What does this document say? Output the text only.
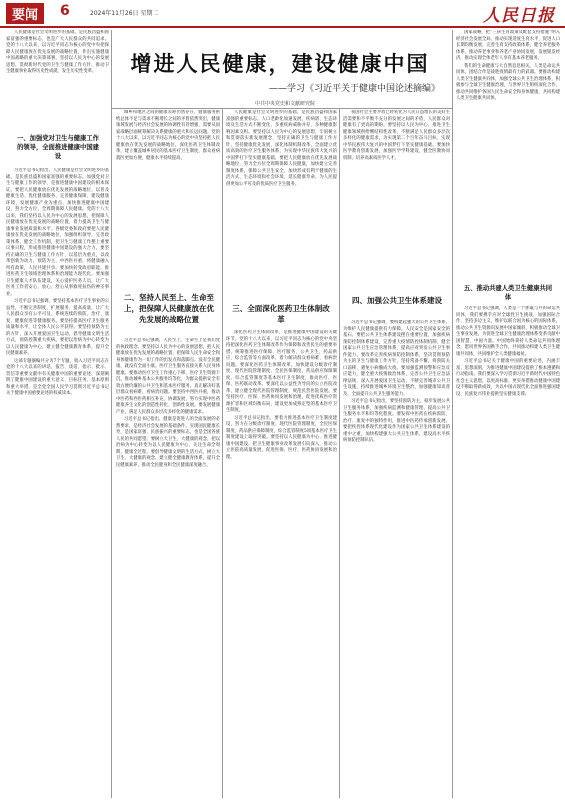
要闻	6	2024年11月26日 星期二	人民日报
增进人民健康，建设健康中国
——学习《习近平关于健康中国论述摘编》
中共中央党史和文献研究院

人民健康是社会文明进步的基础，是民族昌盛和国家富强的重要标志，也是广大人民群众的共同追求。党的十八大以来，以习近平同志为核心的党中央把保障人民健康放在优先发展的战略位置，作出实施健康中国战略的重大决策部署，坚持以人民为中心的发展思想，贯彻新时代党的卫生与健康工作方针，推动卫生健康事业取得历史性成就、发生历史性变革。

一、加强党对卫生与健康工作的领导，全面推进健康中国建设

习近平总书记指出，人民健康是社会文明进步的基础，是民族昌盛和国家富强的重要标志。加强党对卫生与健康工作的领导，是推进健康中国建设的根本保证。要把人民健康放在优先发展的战略地位，以普及健康生活、优化健康服务、完善健康保障、建设健康环境、发展健康产业为重点，加快推进健康中国建设，努力全方位、全周期保障人民健康。党的十八大以来，我们坚持以人民为中心的发展思想，把保障人民健康放在优先发展的战略位置，着力提高卫生与健康事业发展质量和水平。各级党委和政府要把人民健康放在优先发展的战略地位，加强组织领导，完善政策体系，健全工作机制，把卫生与健康工作摆上重要议事日程，形成推进健康中国建设的强大合力。要坚持正确的卫生与健康工作方针，以基层为重点，以改革创新为动力，预防为主，中西医并重，将健康融入所有政策，人民共建共享。要加快转变政府职能，推进医药卫生领域治理体系和治理能力现代化。要加强卫生健康人才队伍建设，关心爱护医务人员，让广大医务工作者安心、放心、舒心从事救死扶伤的神圣事业。

习近平总书记强调，要坚持基本医疗卫生事业的公益性，不断完善制度、扩展服务、提高质量，让广大人民群众享有公平可及、系统连续的预防、治疗、康复、健康促进等健康服务。要坚持提高医疗卫生服务质量和水平，让全体人民公平获得。要坚持预防为主的方针，深入开展爱国卫生运动，倡导健康文明生活方式，预防控制重大疾病。要把以治病为中心转变为以人民健康为中心，建立健全健康教育体系，提升全民健康素养。

这部专题摘编共分为7个专题，收入习近平同志在党的十八大以来的讲话、报告、谈话、指示、批示、贺信等重要文献中有关健康中国的重要论述，深刻阐明了健康中国建设的重大意义、目标任务、基本原则和重大举措，是全党全国人民学习贯彻习近平总书记关于健康中国重要论述的权威读本。

城乡和地区之间的健康差距仍然存在，健康服务供给总体不足与需求不断增长之间的矛盾依然突出，健康领域发展与经济社会发展的协调性有待增强，需要从国家战略层面统筹解决关系健康的重大和长远问题。党的十八大以来，以习近平同志为核心的党中央坚持把人民健康放在优先发展的战略地位，深化医药卫生体制改革，建立覆盖城乡居民的基本医疗卫生制度，群众看病就医更加方便，健康水平持续提高。

二、坚持人民至上、生命至上，把保障人民健康放在优先发展的战略位置

习近平总书记强调，人民至上、生命至上是我们党的执政理念。要坚持以人民为中心的发展思想，把人民健康放在优先发展的战略位置，把保障人民生命安全和身体健康作为一切工作的出发点和落脚点。没有全民健康，就没有全面小康。医疗卫生服务直接关系人民身体健康。要推动医疗卫生工作重心下移、医疗卫生资源下沉，推动城乡基本公共服务均等化，为群众提供安全有效方便价廉的公共卫生和基本医疗服务，真正解决好基层群众看病难、看病贵问题。要坚持中西医并重，推动中医药和西医药相互补充、协调发展，努力实现中医药健康养生文化的创造性转化、创新性发展。要发展健康产业，满足人民群众多层次多样化的健康需求。

习近平总书记指出，健康是促进人的全面发展的必然要求，是经济社会发展的基础条件。实现国民健康长寿，是国家富强、民族振兴的重要标志，也是全国各族人民的共同愿望。要树立大卫生、大健康的观念，把以治病为中心转变为以人民健康为中心，关注生命全周期、健康全过程。要倡导健康文明的生活方式，树立大卫生、大健康的观念，建立健全健康教育体系，提升全民健康素养，推动全民健身和全民健康深度融合。

人民健康是社会文明进步的基础，是民族昌盛和国家富强的重要标志。人口老龄化加速发展，疾病谱、生态环境及生活方式不断变化，多重疾病威胁并存、多种健康影响因素交织。要坚持以人民为中心的发展思想，牢固树立和贯彻落实新发展理念，坚持正确的卫生与健康工作方针，坚持健康优先发展，深化体制机制改革，全面建立优质高效的医疗卫生服务体系，为实现中华民族伟大复兴的中国梦打下坚实健康基础。要把人民健康放在优先发展战略地位，努力全方位全周期保障人民健康，加快建立完善制度体系，保障公共卫生安全，加快形成有利于健康的生活方式、生态环境和社会环境，延长健康寿命，为人民提供更加公平可及的优质医疗卫生服务。

三、全面深化医药卫生体制改革

深化医药卫生体制改革，是推进健康中国建设的关键环节。党的十八大以来，以习近平同志为核心的党中央坚持把深化医药卫生体制改革作为保障和改善民生的重要举措，统筹推进医疗保障、医疗服务、公共卫生、药品供应、综合监管等方面改革，着力解决群众看病难、看病贵问题。要深化医药卫生体制改革，加快建设分级诊疗制度、现代医院管理制度、全民医保制度、药品供应保障制度、综合监管制度等基本医疗卫生制度，推动医疗、医保、医药联动改革。要深化以公益性为导向的公立医院改革，建立健全现代医院管理制度，规范民营医院发展。要坚持医疗、医保、医药协同发展和治理，促进优质医疗资源扩容和区域均衡布局，建设更加成熟定型的基本医疗卫生制度。

习近平总书记指出，要着力推进基本医疗卫生制度建设，努力在分级诊疗制度、现代医院管理制度、全民医保制度、药品供应保障制度、综合监管制度5项基本医疗卫生制度建设上取得突破。要坚持以人民健康为中心，推进健康中国建设，把卫生健康事业改革发展引向深入，推动公立医院高质量发展，促进医保、医疗、医药协同发展和治理。

我国社会主要矛盾已经转化为人民日益增长的美好生活需要和不平衡不充分的发展之间的矛盾，人民群众对健康有了更高的期盼。要坚持以人民为中心，推进卫生健康领域供给侧结构性改革，不断满足人民群众多层次多样化的健康需求，为实现第二个百年奋斗目标、实现中华民族伟大复兴的中国梦打下坚实健康基础。要加快医学教育创新发展，加强医学学科建设，健全医教协同机制，培养高素质医学人才。

四、加强公共卫生体系建设

习近平总书记强调，要构建起强大的公共卫生体系，为维护人民健康提供有力保障。人民安全是国家安全的基石。要把公共卫生体系建设摆在重要位置，加强疾病预防控制体系建设，完善重大疫情防控体制机制，健全国家公共卫生应急管理体系，提高应对突发公共卫生事件能力。要改革完善疾病预防控制体系，坚决贯彻预防为主的卫生与健康工作方针，坚持常备不懈，将预防关口前移，避免小病酿成大疫。要加强监测预警和应急反应能力，健全重大疫情救治体系，完善公共卫生应急法律法规，深入开展爱国卫生运动，不断完善城市公共卫生设施，持续推进城乡环境卫生整治，加强健康知识普及，全面提升公共卫生服务能力。

习近平总书记指出，要坚持预防为主，稳步发展公共卫生服务体系，加强疾病监测和健康管理，提高公共卫生服务水平和均等化程度。要发挥中医药在疾病预防、治疗、康复中的独特作用，推进中医药传承创新发展。要把疾控体系现代化建设作为国家公共卫生体系建设的重中之重，加快构建强大公共卫生体系，建设高水平疾病预防控制队伍。

国家战略，把“三孩生育政策及配套支持措施”纳入经济社会发展全局，推动实现适度生育水平，促进人口长期均衡发展，完善生育支持政策体系，健全养老服务体系，推动养老事业和养老产业协同发展，发展银发经济，推动实现全体老年人享有基本养老服务。

我们的生命健康与大自然息息相关。人类是命运共同体，团结合作是战胜疫情最有力的武器。要推动构建人类卫生健康共同体，加强全球公共卫生治理体系，积极参与全球卫生健康治理，与世界卫生组织深化合作，推动共同维护各国人民生命安全和身体健康，共同构建人类卫生健康共同体。

五、推动共建人类卫生健康共同体

习近平总书记强调，人类是一个休戚与共的命运共同体，我们要携手应对全球性卫生挑战，加强国际合作，坚持多边主义，维护以联合国为核心的国际体系，推动公共卫生资源向发展中国家倾斜，积极推动全球卫生事业发展，为促进全球卫生健康治理体系变革贡献中国智慧、中国力量。中国始终秉持人类命运共同体理念，愿同世界各国携手合作，共同推动构建人类卫生健康共同体，共同维护全人类健康福祉。

习近平总书记关于健康中国的重要论述，内涵丰富、思想深刻，为推进健康中国建设提供了根本遵循和行动指南。我们要深入学习贯彻习近平新时代中国特色社会主义思想，以更高标准、更实举措推动健康中国建设不断取得新成效，为以中国式现代化全面推进强国建设、民族复兴伟业提供坚实健康支撑。
